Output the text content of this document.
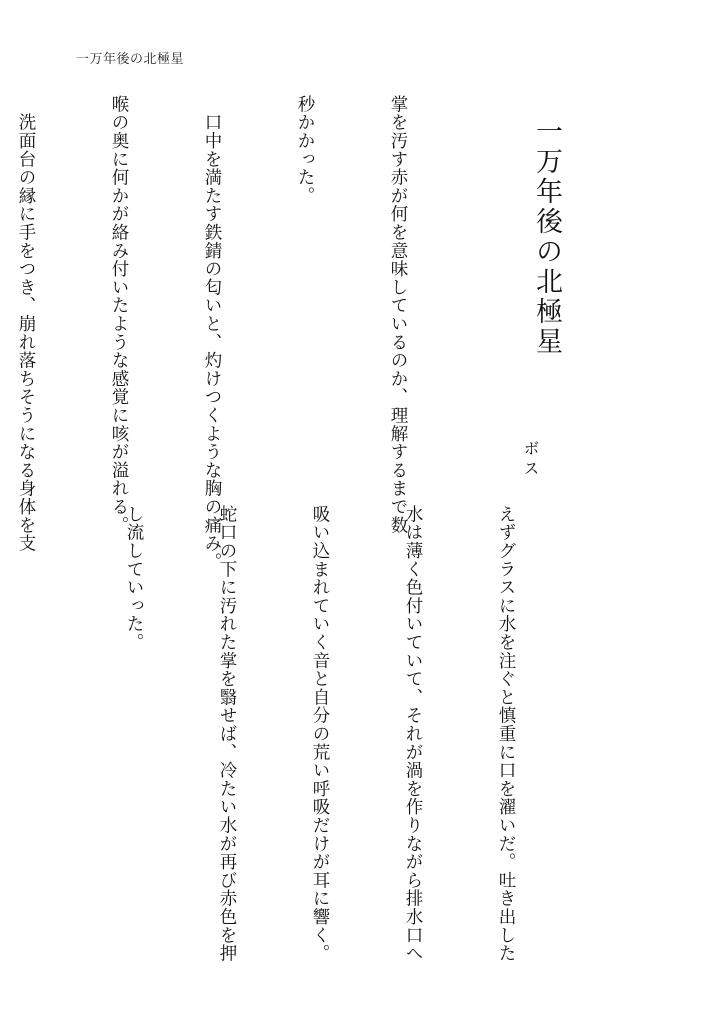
一万年後の北極星
一万年後の北極星
ボス

掌を汚す赤が何を意味しているのか、理解するまで数

秒かかった。

　口中を満たす鉄錆の匂いと、灼けつくような胸の痛み。

喉の奥に何かが絡み付いたような感覚に咳が溢れる。

　洗面台の縁に手をつき、崩れ落ちそうになる身体を支

えずグラスに水を注ぐと慎重に口を濯いだ。吐き出した

水は薄く色付いていて、それが渦を作りながら排水口へ

吸い込まれていく音と自分の荒い呼吸だけが耳に響く。

蛇口の下に汚れた掌を翳せば、冷たい水が再び赤色を押

し流していった。
